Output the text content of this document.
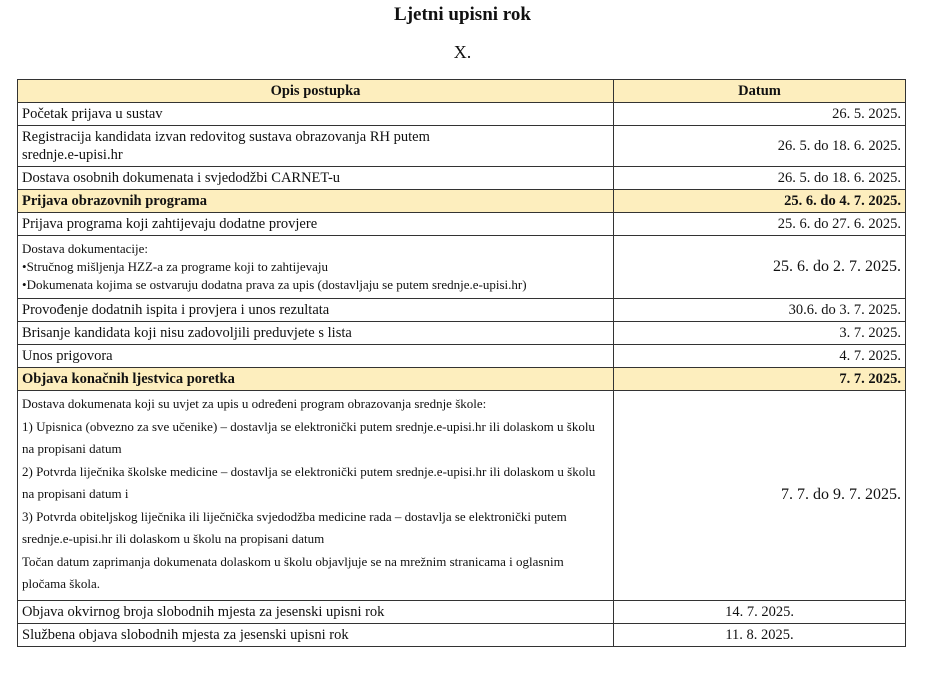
Ljetni upisni rok
X.
Opis postupka	Datum
Početak prijava u sustav	26. 5. 2025.
Registracija kandidata izvan redovitog sustava obrazovanja RH putem srednje.e-upisi.hr	26. 5. do 18. 6. 2025.
Dostava osobnih dokumenata i svjedodžbi CARNET-u	26. 5. do 18. 6. 2025.
Prijava obrazovnih programa	25. 6. do 4. 7. 2025.
Prijava programa koji zahtijevaju dodatne provjere	25. 6. do 27. 6. 2025.

Dostava dokumentacije:

• Stručnog mišljenja HZZ-a za programe koji to zahtijevaju

• Dokumenata kojima se ostvaruju dodatna prava za upis (dostavljaju se putem srednje.e-upisi.hr)	25. 6. do 2. 7. 2025.
Provođenje dodatnih ispita i provjera i unos rezultata	30.6. do 3. 7. 2025.
Brisanje kandidata koji nisu zadovoljili preduvjete s lista	3. 7. 2025.
Unos prigovora	4. 7. 2025.
Objava konačnih ljestvica poretka	7. 7. 2025.

Dostava dokumenata koji su uvjet za upis u određeni program obrazovanja srednje škole:

1) Upisnica (obvezno za sve učenike) – dostavlja se elektronički putem srednje.e-upisi.hr ili dolaskom u školu na propisani datum

2) Potvrda liječnika školske medicine – dostavlja se elektronički putem srednje.e-upisi.hr ili dolaskom u školu na propisani datum i

3) Potvrda obiteljskog liječnika ili liječnička svjedodžba medicine rada – dostavlja se elektronički putem srednje.e-upisi.hr ili dolaskom u školu na propisani datum

Točan datum zaprimanja dokumenata dolaskom u školu objavljuje se na mrežnim stranicama i oglasnim pločama škola.	7. 7. do 9. 7. 2025.
Objava okvirnog broja slobodnih mjesta za jesenski upisni rok	14. 7. 2025.
Službena objava slobodnih mjesta za jesenski upisni rok	11. 8. 2025.
